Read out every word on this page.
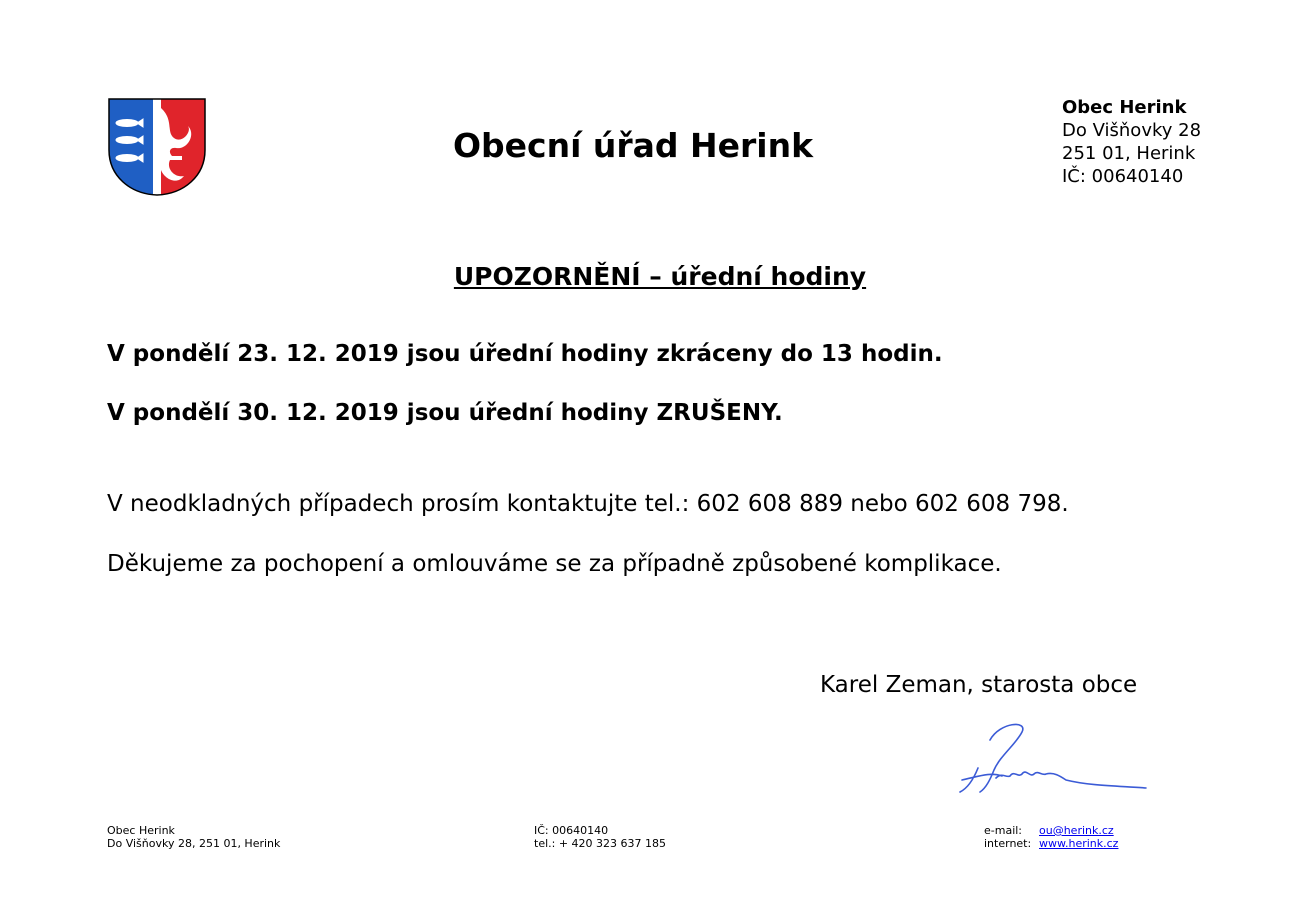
Obecní úřad Herink
Obec Herink
Do Višňovky 28
251 01, Herink
IČ: 00640140
UPOZORNĚNÍ – úřední hodiny
V pondělí 23. 12. 2019 jsou úřední hodiny zkráceny do 13 hodin.
V pondělí 30. 12. 2019 jsou úřední hodiny ZRUŠENY.
V neodkladných případech prosím kontaktujte tel.: 602 608 889 nebo 602 608 798.
Děkujeme za pochopení a omlouváme se za případně způsobené komplikace.
Karel Zeman, starosta obce
Obec Herink
Do Višňovky 28, 251 01, Herink
IČ: 00640140
tel.: + 420 323 637 185
e-mail: ou@herink.cz
internet: www.herink.cz
